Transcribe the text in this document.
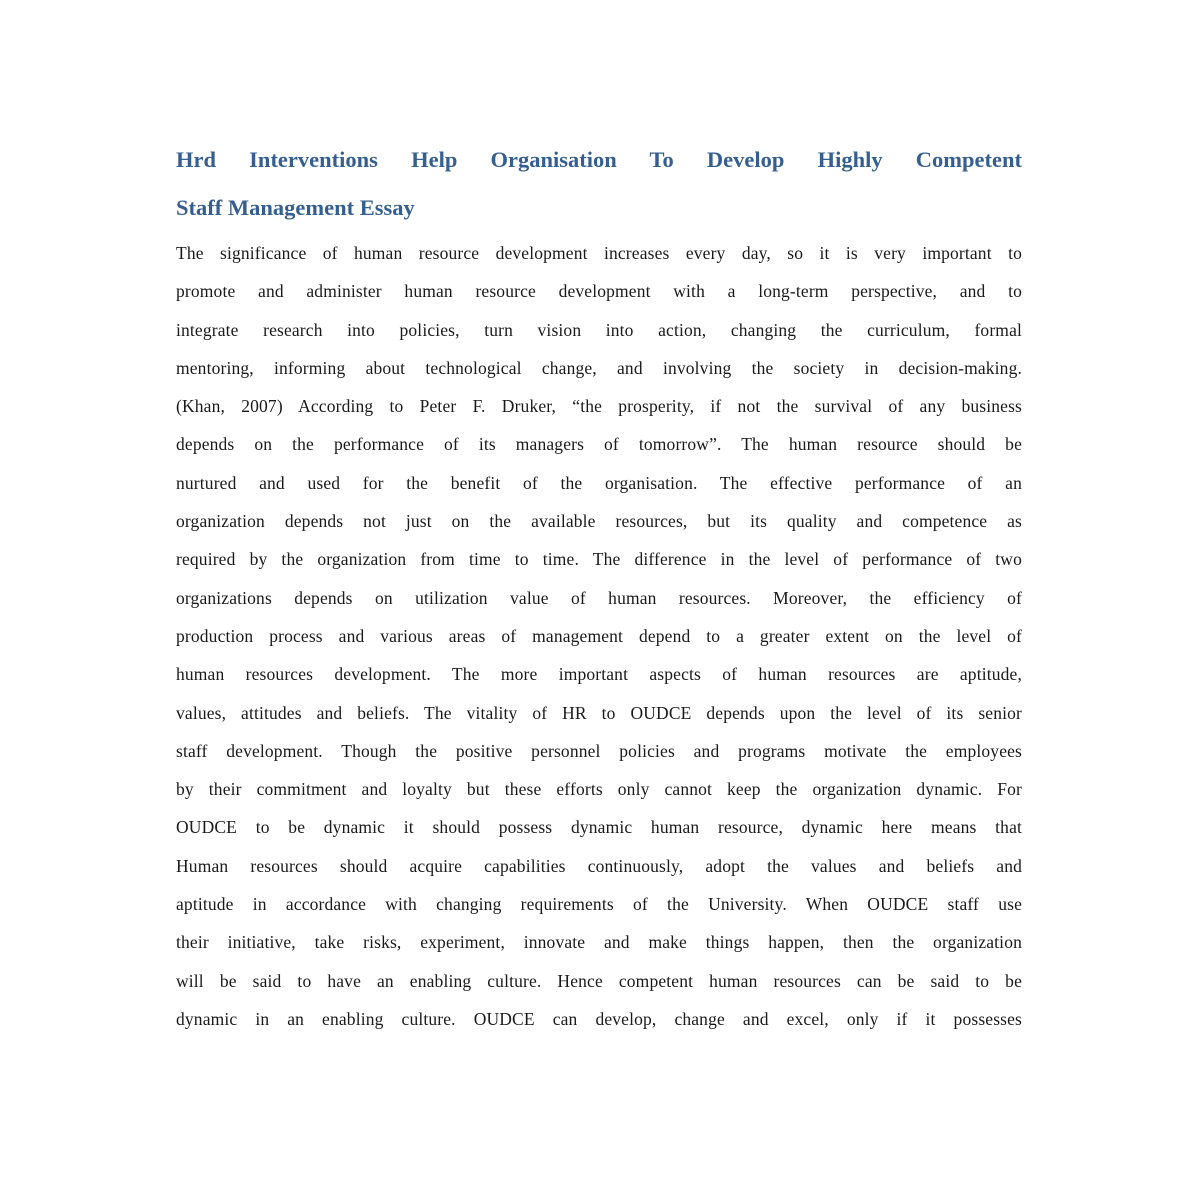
Hrd Interventions Help Organisation To Develop Highly Competent
Staff Management Essay
The significance of human resource development increases every day, so it is very important to
promote and administer human resource development with a long-term perspective, and to
integrate research into policies, turn vision into action, changing the curriculum, formal
mentoring, informing about technological change, and involving the society in decision-making.
(Khan, 2007) According to Peter F. Druker, “the prosperity, if not the survival of any business
depends on the performance of its managers of tomorrow”. The human resource should be
nurtured and used for the benefit of the organisation. The effective performance of an
organization depends not just on the available resources, but its quality and competence as
required by the organization from time to time. The difference in the level of performance of two
organizations depends on utilization value of human resources. Moreover, the efficiency of
production process and various areas of management depend to a greater extent on the level of
human resources development. The more important aspects of human resources are aptitude,
values, attitudes and beliefs. The vitality of HR to OUDCE depends upon the level of its senior
staff development. Though the positive personnel policies and programs motivate the employees
by their commitment and loyalty but these efforts only cannot keep the organization dynamic. For
OUDCE to be dynamic it should possess dynamic human resource, dynamic here means that
Human resources should acquire capabilities continuously, adopt the values and beliefs and
aptitude in accordance with changing requirements of the University. When OUDCE staff use
their initiative, take risks, experiment, innovate and make things happen, then the organization
will be said to have an enabling culture. Hence competent human resources can be said to be
dynamic in an enabling culture. OUDCE can develop, change and excel, only if it possesses
